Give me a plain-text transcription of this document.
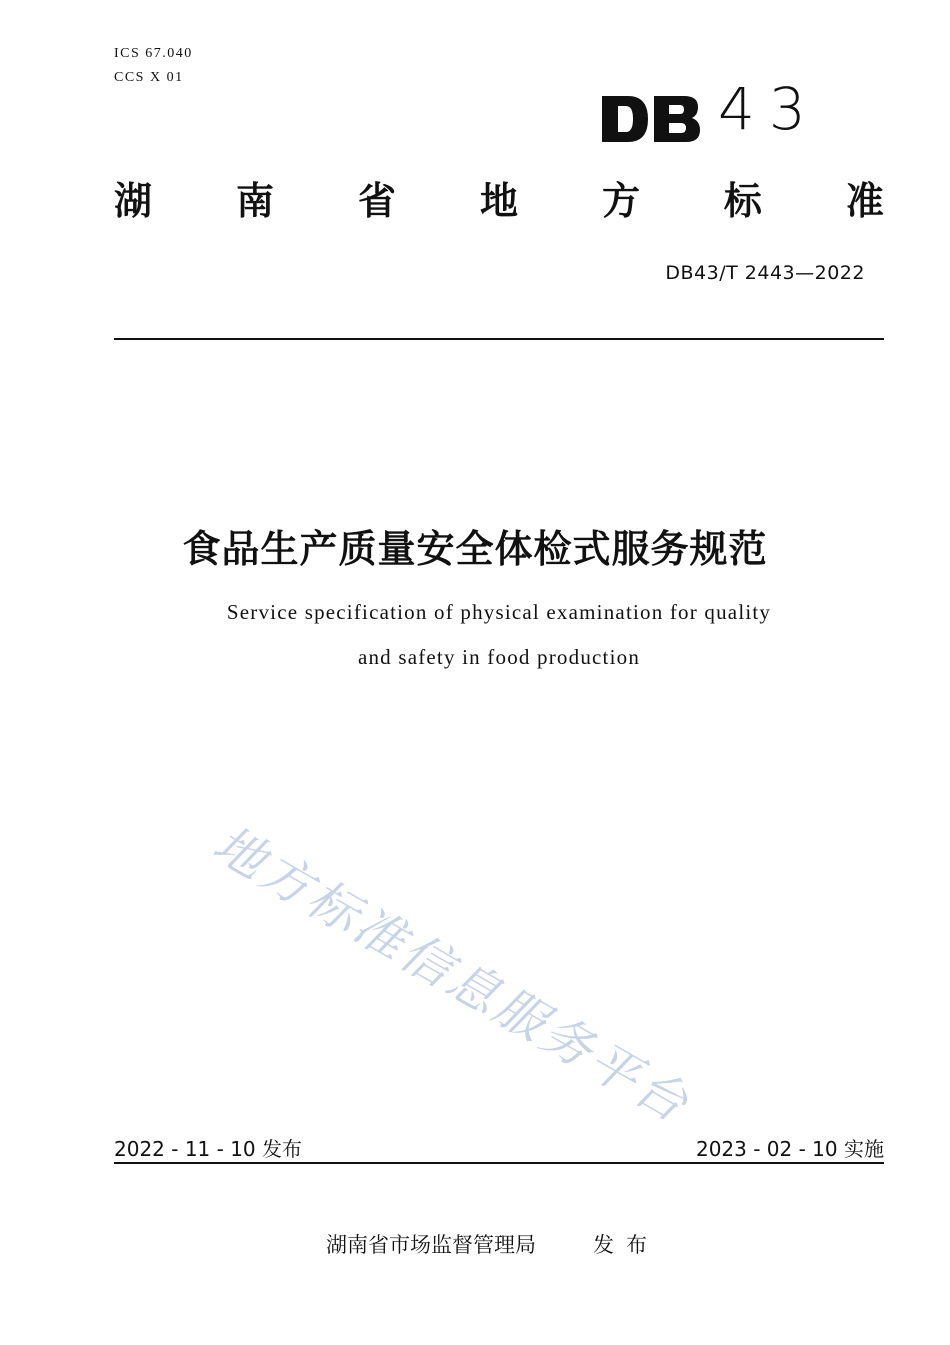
ICS 67.040
CCS X 01	43
湖 南 省 地 方 标 准
DB43/T 2443—2022
食品生产质量安全体检式服务规范
Service specification of physical examination for quality
and safety in food production
地方标准信息服务平台
2022 - 11 - 10 发布	2023 - 02 - 10 实施
湖南省市场监督管理局	发布
